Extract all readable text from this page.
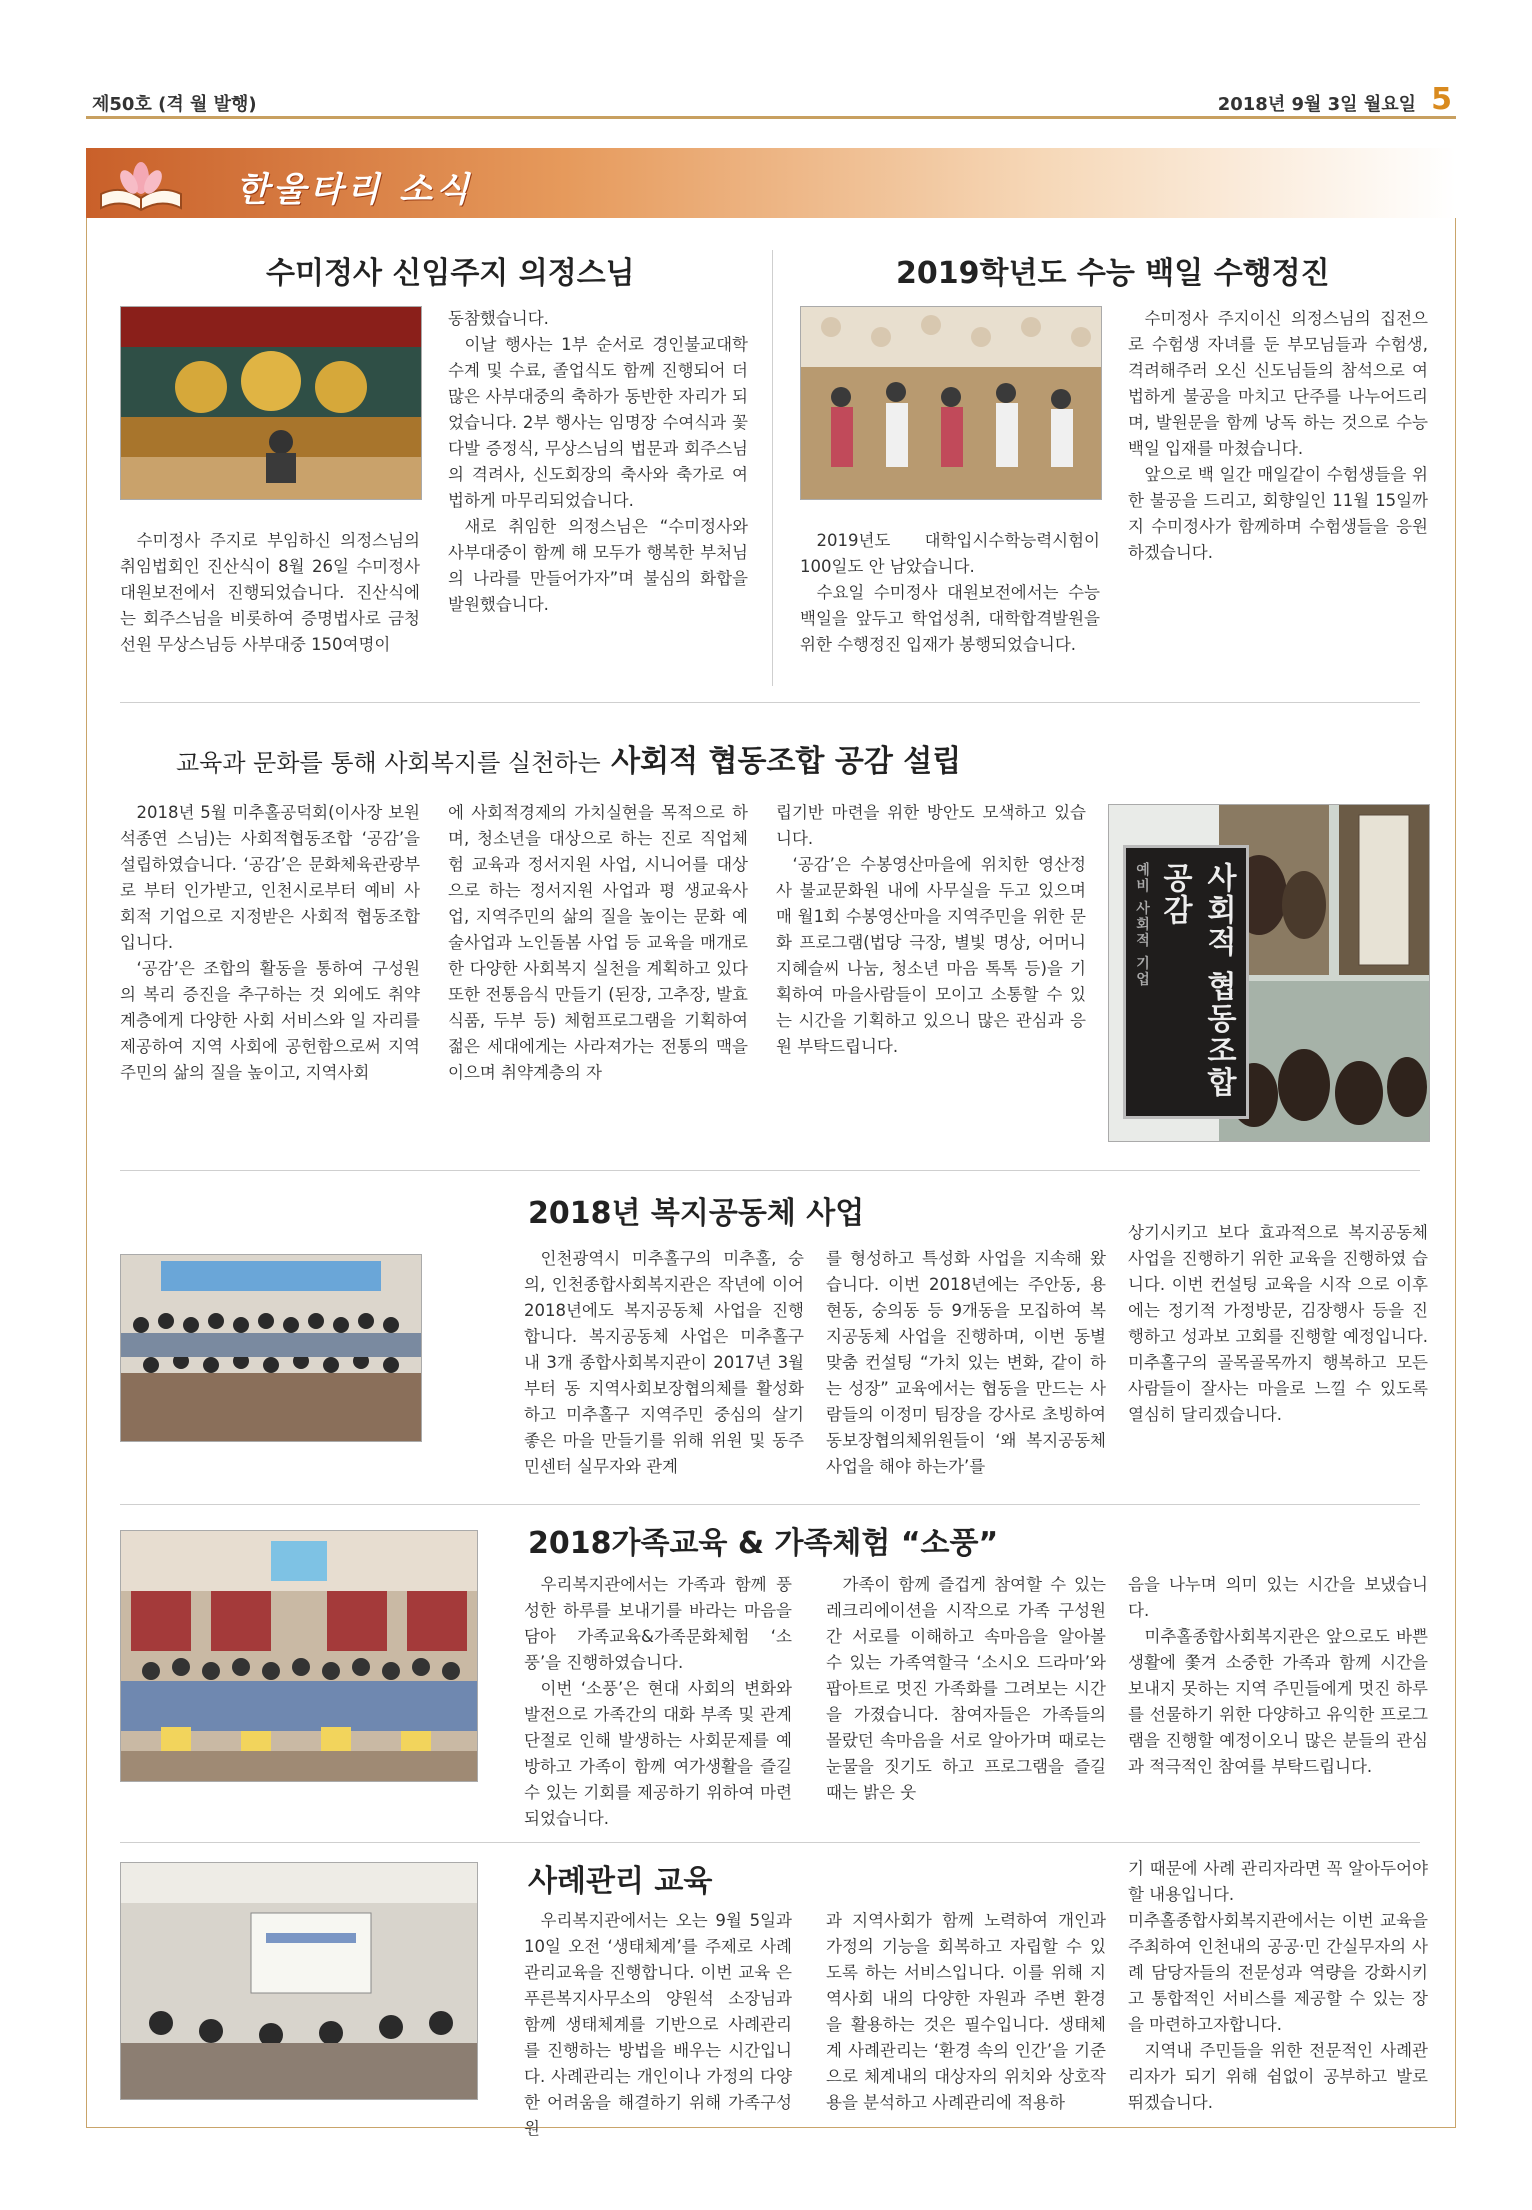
제50호 (격 월 발행)	2018년 9월 3일 월요일 5
한울타리 소식
수미정사 신임주지 의정스님

수미정사 주지로 부임하신 의정스님의 취임법회인 진산식이 8월 26일 수미정사 대원보전에서 진행되었습니다. 진산식에는 회주스님을 비롯하여 증명법사로 금청선원 무상스님등 사부대중 150여명이

동참했습니다.

이날 행사는 1부 순서로 경인불교대학 수계 및 수료, 졸업식도 함께 진행되어 더 많은 사부대중의 축하가 동반한 자리가 되었습니다. 2부 행사는 임명장 수여식과 꽃다발 증정식, 무상스님의 법문과 회주스님의 격려사, 신도회장의 축사와 축가로 여법하게 마무리되었습니다.

새로 취임한 의정스님은 “수미정사와 사부대중이 함께 해 모두가 행복한 부처님의 나라를 만들어가자”며 불심의 화합을 발원했습니다.

2019학년도 수능 백일 수행정진

2019년도 대학입시수학능력시험이 100일도 안 남았습니다.

수요일 수미정사 대원보전에서는 수능 백일을 앞두고 학업성취, 대학합격발원을 위한 수행정진 입재가 봉행되었습니다.

수미정사 주지이신 의정스님의 집전으로 수험생 자녀를 둔 부모님들과 수험생, 격려해주러 오신 신도님들의 참석으로 여법하게 불공을 마치고 단주를 나누어드리며, 발원문을 함께 낭독 하는 것으로 수능 백일 입재를 마쳤습니다.

앞으로 백 일간 매일같이 수험생들을 위한 불공을 드리고, 회향일인 11월 15일까지 수미정사가 함께하며 수험생들을 응원하겠습니다.

교육과 문화를 통해 사회복지를 실천하는 사회적 협동조합 공감 설립

2018년 5월 미추홀공덕회(이사장 보원 석종연 스님)는 사회적협동조합 ‘공감’을 설립하였습니다. ‘공감’은 문화체육관광부로 부터 인가받고, 인천시로부터 예비 사회적 기업으로 지정받은 사회적 협동조합 입니다.

‘공감’은 조합의 활동을 통하여 구성원의 복리 증진을 추구하는 것 외에도 취약 계층에게 다양한 사회 서비스와 일 자리를 제공하여 지역 사회에 공헌함으로써 지역주민의 삶의 질을 높이고, 지역사회

에 사회적경제의 가치실현을 목적으로 하며, 청소년을 대상으로 하는 진로 직업체험 교육과 정서지원 사업, 시니어를 대상으로 하는 정서지원 사업과 평 생교육사업, 지역주민의 삶의 질을 높이는 문화 예술사업과 노인돌봄 사업 등 교육을 매개로 한 다양한 사회복지 실천을 계획하고 있다 또한 전통음식 만들기 (된장, 고추장, 발효식품, 두부 등) 체험프로그램을 기획하여 젊은 세대에게는 사라져가는 전통의 맥을 이으며 취약계층의 자

립기반 마련을 위한 방안도 모색하고 있습니다.

‘공감’은 수봉영산마을에 위치한 영산정사 불교문화원 내에 사무실을 두고 있으며 매 월1회 수봉영산마을 지역주민을 위한 문화 프로그램(법당 극장, 별빛 명상, 어머니 지혜슬씨 나눔, 청소년 마음 톡톡 등)을 기획하여 마을사람들이 모이고 소통할 수 있는 시간을 기획하고 있으니 많은 관심과 응원 부탁드립니다.	사회적 협동조합 공감
예비 사회적 기업
2018년 복지공동체 사업

인천광역시 미추홀구의 미추홀, 숭의, 인천종합사회복지관은 작년에 이어 2018년에도 복지공동체 사업을 진행합니다. 복지공동체 사업은 미추홀구 내 3개 종합사회복지관이 2017년 3월부터 동 지역사회보장협의체를 활성화하고 미추홀구 지역주민 중심의 살기 좋은 마을 만들기를 위해 위원 및 동주민센터 실무자와 관계

를 형성하고 특성화 사업을 지속해 왔습니다. 이번 2018년에는 주안동, 용현동, 숭의동 등 9개동을 모집하여 복지공동체 사업을 진행하며, 이번 동별 맞춤 컨설팅 “가치 있는 변화, 같이 하는 성장” 교육에서는 협동을 만드는 사람들의 이정미 팀장을 강사로 초빙하여 동보장협의체위원들이 ‘왜 복지공동체사업을 해야 하는가’를

상기시키고 보다 효과적으로 복지공동체 사업을 진행하기 위한 교육을 진행하였 습니다. 이번 컨설팅 교육을 시작 으로 이후에는 정기적 가정방문, 김장행사 등을 진행하고 성과보 고회를 진행할 예정입니다. 미추홀구의 골목골목까지 행복하고 모든 사람들이 잘사는 마을로 느낄 수 있도록 열심히 달리겠습니다.

2018가족교육 & 가족체험 “소풍”

우리복지관에서는 가족과 함께 풍성한 하루를 보내기를 바라는 마음을 담아 가족교육&가족문화체험 ‘소풍’을 진행하였습니다.

이번 ‘소풍’은 현대 사회의 변화와 발전으로 가족간의 대화 부족 및 관계 단절로 인해 발생하는 사회문제를 예방하고 가족이 함께 여가생활을 즐길 수 있는 기회를 제공하기 위하여 마련되었습니다.

가족이 함께 즐겁게 참여할 수 있는 레크리에이션을 시작으로 가족 구성원 간 서로를 이해하고 속마음을 알아볼 수 있는 가족역할극 ‘소시오 드라마’와 팝아트로 멋진 가족화를 그려보는 시간을 가졌습니다. 참여자들은 가족들의 몰랐던 속마음을 서로 알아가며 때로는 눈물을 짓기도 하고 프로그램을 즐길 때는 밝은 웃

음을 나누며 의미 있는 시간을 보냈습니다.

미추홀종합사회복지관은 앞으로도 바쁜 생활에 쫓겨 소중한 가족과 함께 시간을 보내지 못하는 지역 주민들에게 멋진 하루를 선물하기 위한 다양하고 유익한 프로그램을 진행할 예정이오니 많은 분들의 관심과 적극적인 참여를 부탁드립니다.

사례관리 교육

우리복지관에서는 오는 9월 5일과 10일 오전 ‘생태체계’를 주제로 사례관리교육을 진행합니다. 이번 교육 은 푸른복지사무소의 양원석 소장님과 함께 생태체계를 기반으로 사례관리를 진행하는 방법을 배우는 시간입니다. 사례관리는 개인이나 가정의 다양한 어려움을 해결하기 위해 가족구성원

과 지역사회가 함께 노력하여 개인과 가정의 기능을 회복하고 자립할 수 있도록 하는 서비스입니다. 이를 위해 지역사회 내의 다양한 자원과 주변 환경을 활용하는 것은 필수입니다. 생태체계 사례관리는 ‘환경 속의 인간’을 기준으로 체계내의 대상자의 위치와 상호작용을 분석하고 사례관리에 적용하

기 때문에 사례 관리자라면 꼭 알아두어야 할 내용입니다.

미추홀종합사회복지관에서는 이번 교육을 주최하여 인천내의 공공·민 간실무자의 사례 담당자들의 전문성과 역량을 강화시키고 통합적인 서비스를 제공할 수 있는 장을 마련하고자합니다.

지역내 주민들을 위한 전문적인 사례관리자가 되기 위해 쉼없이 공부하고 발로 뛰겠습니다.
